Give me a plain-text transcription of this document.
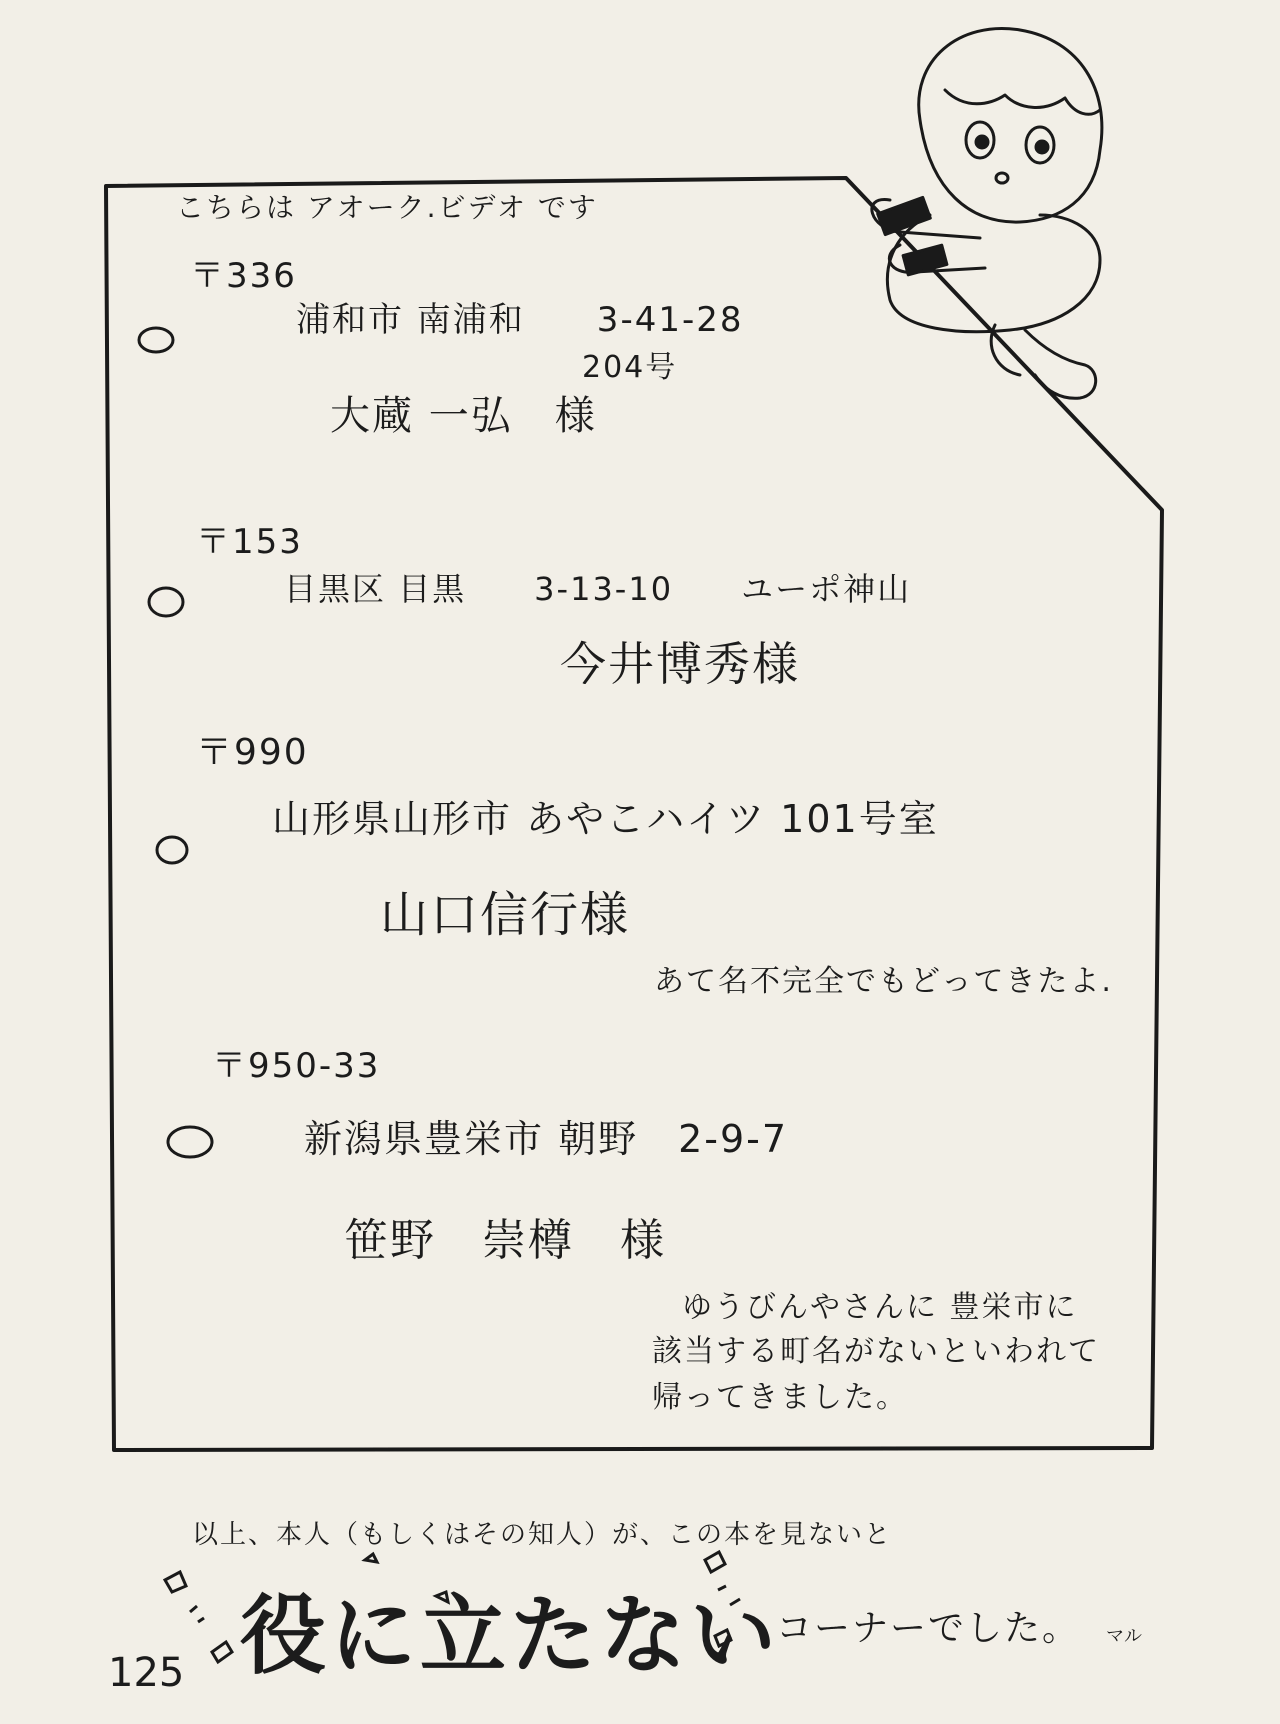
こちらは アオーク.ビデオ です
〒336
浦和市 南浦和　　3-41-28
204号
大蔵 一弘　様
〒153
目黒区 目黒　　3-13-10　　ユーポ神山
今井博秀様
〒990
山形県山形市 あやこハイツ 101号室
山口信行様
あて名不完全でもどってきたよ.
〒950-33
新潟県豊栄市 朝野　2-9-7
笹野　崇樽　様
ゆうびんやさんに 豊栄市に
該当する町名がないといわれて
帰ってきました。
以上、本人（もしくはその知人）が、この本を見ないと
役に立たない
コーナーでした。 マル
125
